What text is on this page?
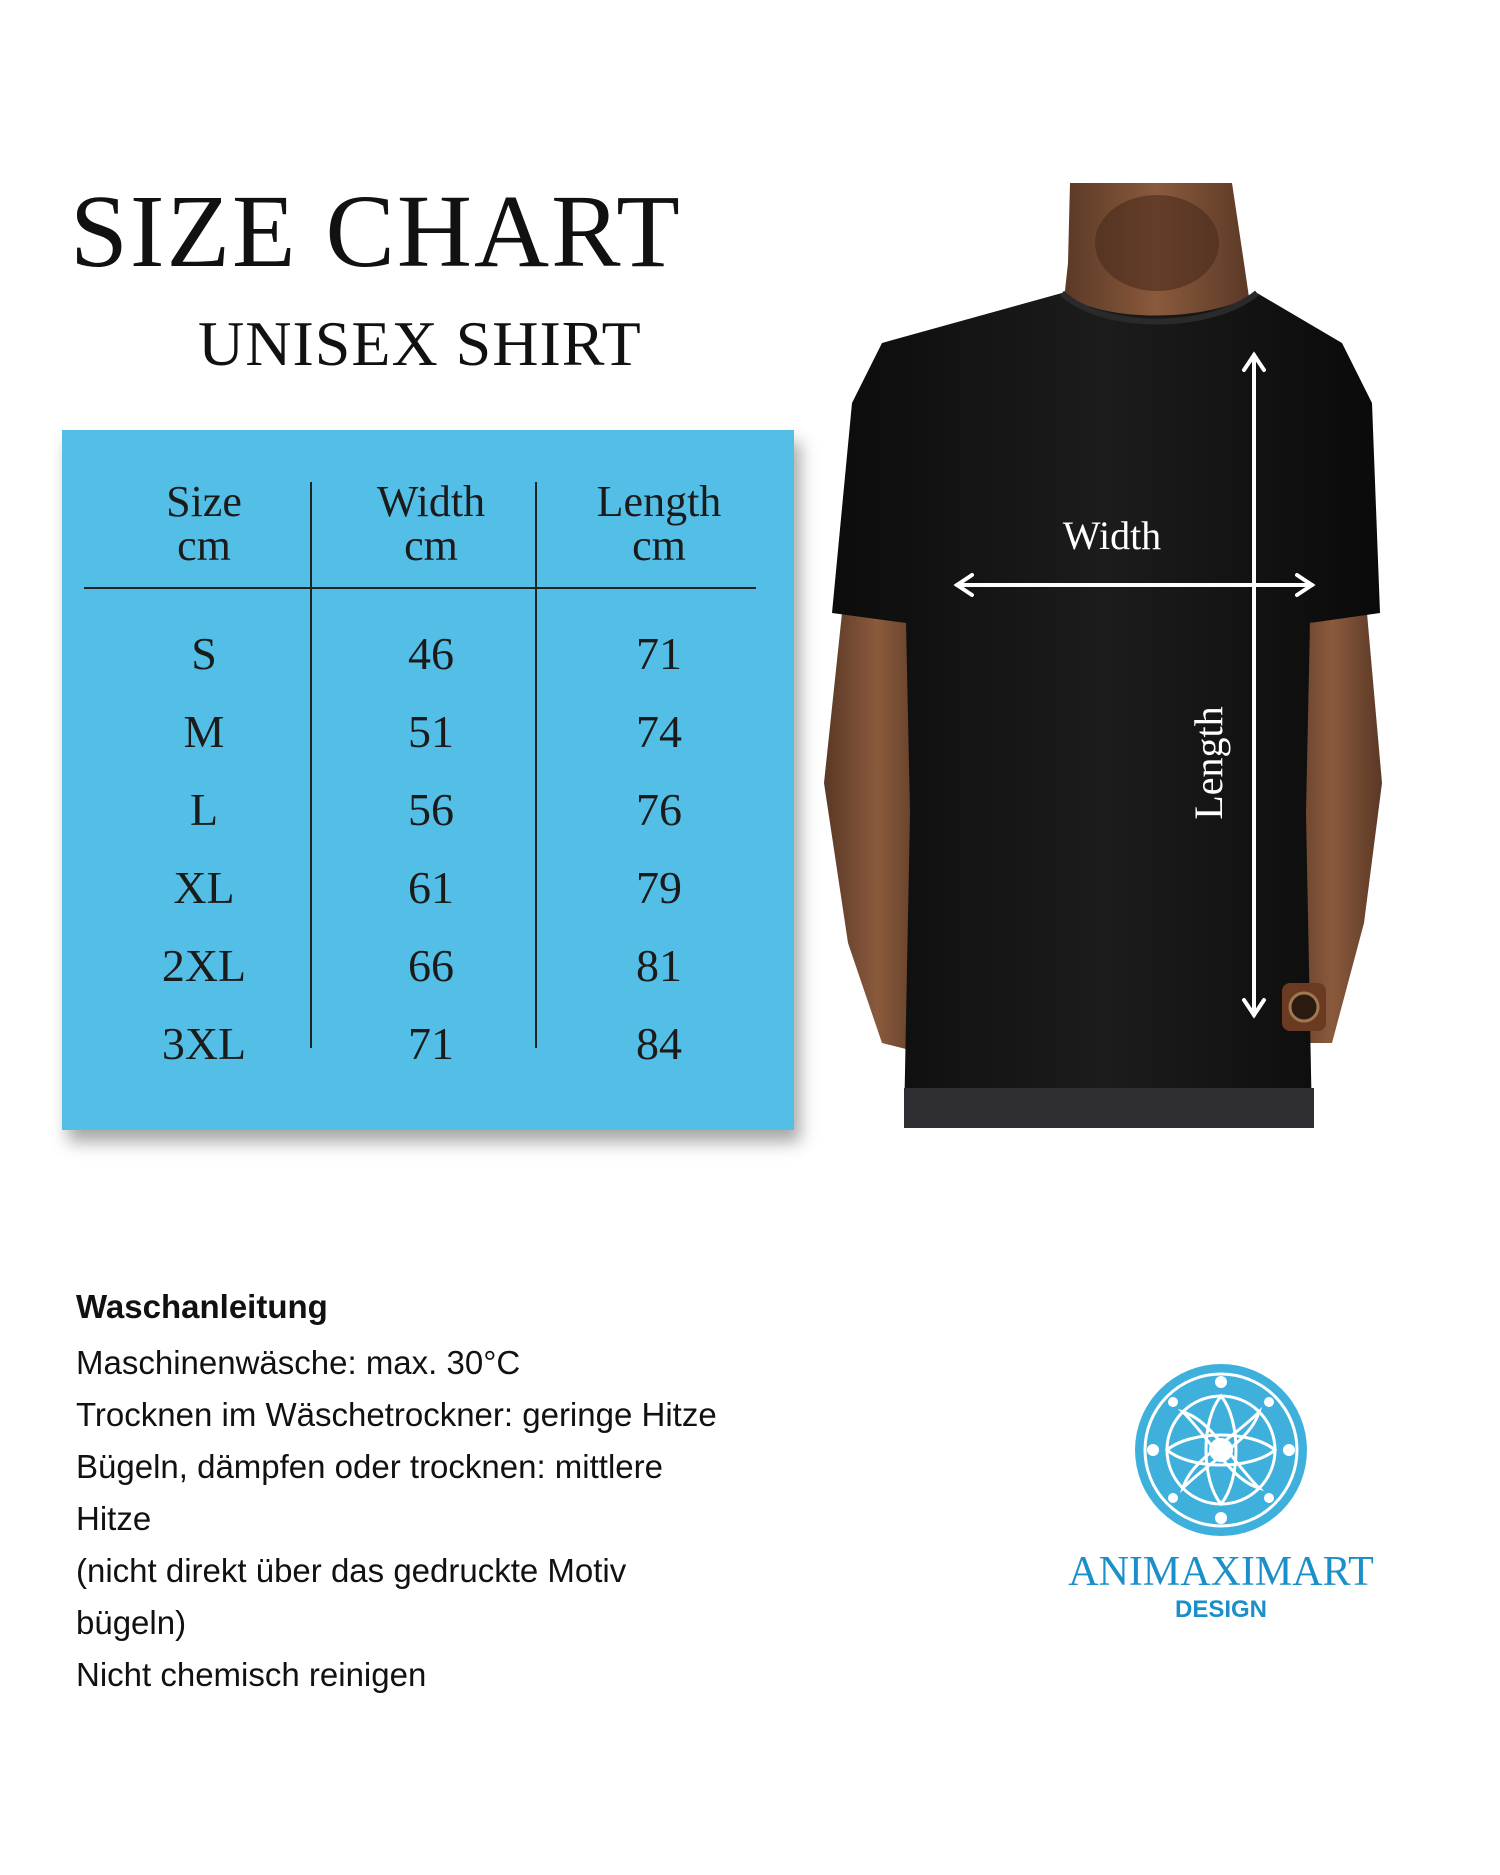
SIZE CHART
UNISEX SHIRT
Size
cm
Width
cm
Length
cm
S	46	71
M	51	74
L	56	76
XL	61	79
2XL	66	81
3XL	71	84
Width
Length

Waschanleitung

Maschinenwäsche: max. 30°C

Trocknen im Wäschetrockner: geringe Hitze

Bügeln, dämpfen oder trocknen: mittlere

Hitze

(nicht direkt über das gedruckte Motiv

bügeln)

Nicht chemisch reinigen

ANIMAXIMART
DESIGN
